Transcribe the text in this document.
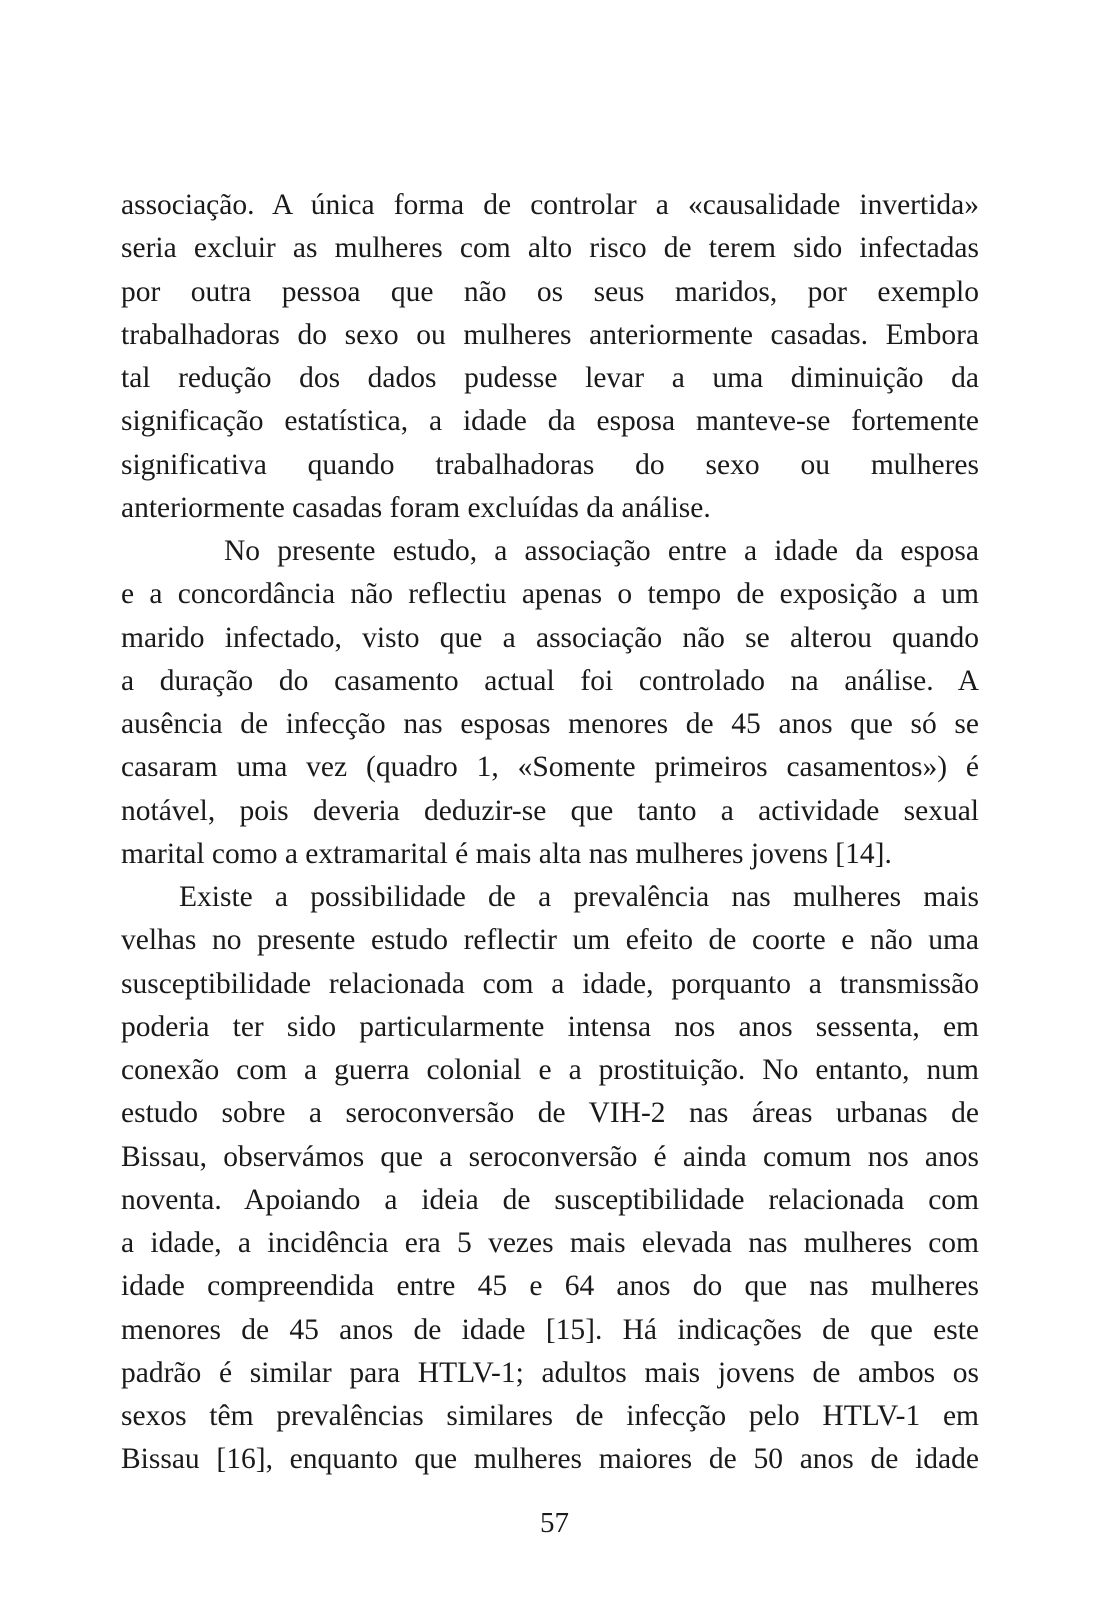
associação. A única forma de controlar a «causalidade invertida»
seria excluir as mulheres com alto risco de terem sido infectadas
por outra pessoa que não os seus maridos, por exemplo
trabalhadoras do sexo ou mulheres anteriormente casadas. Embora
tal redução dos dados pudesse levar a uma diminuição da
significação estatística, a idade da esposa manteve-se fortemente
significativa quando trabalhadoras do sexo ou mulheres
anteriormente casadas foram excluídas da análise.
No presente estudo, a associação entre a idade da esposa
e a concordância não reflectiu apenas o tempo de exposição a um
marido infectado, visto que a associação não se alterou quando
a duração do casamento actual foi controlado na análise. A
ausência de infecção nas esposas menores de 45 anos que só se
casaram uma vez (quadro 1, «Somente primeiros casamentos») é
notável, pois deveria deduzir-se que tanto a actividade sexual
marital como a extramarital é mais alta nas mulheres jovens [14].
Existe a possibilidade de a prevalência nas mulheres mais
velhas no presente estudo reflectir um efeito de coorte e não uma
susceptibilidade relacionada com a idade, porquanto a transmissão
poderia ter sido particularmente intensa nos anos sessenta, em
conexão com a guerra colonial e a prostituição. No entanto, num
estudo sobre a seroconversão de VIH-2 nas áreas urbanas de
Bissau, observámos que a seroconversão é ainda comum nos anos
noventa. Apoiando a ideia de susceptibilidade relacionada com
a idade, a incidência era 5 vezes mais elevada nas mulheres com
idade compreendida entre 45 e 64 anos do que nas mulheres
menores de 45 anos de idade [15]. Há indicações de que este
padrão é similar para HTLV-1; adultos mais jovens de ambos os
sexos têm prevalências similares de infecção pelo HTLV-1 em
Bissau [16], enquanto que mulheres maiores de 50 anos de idade
57
